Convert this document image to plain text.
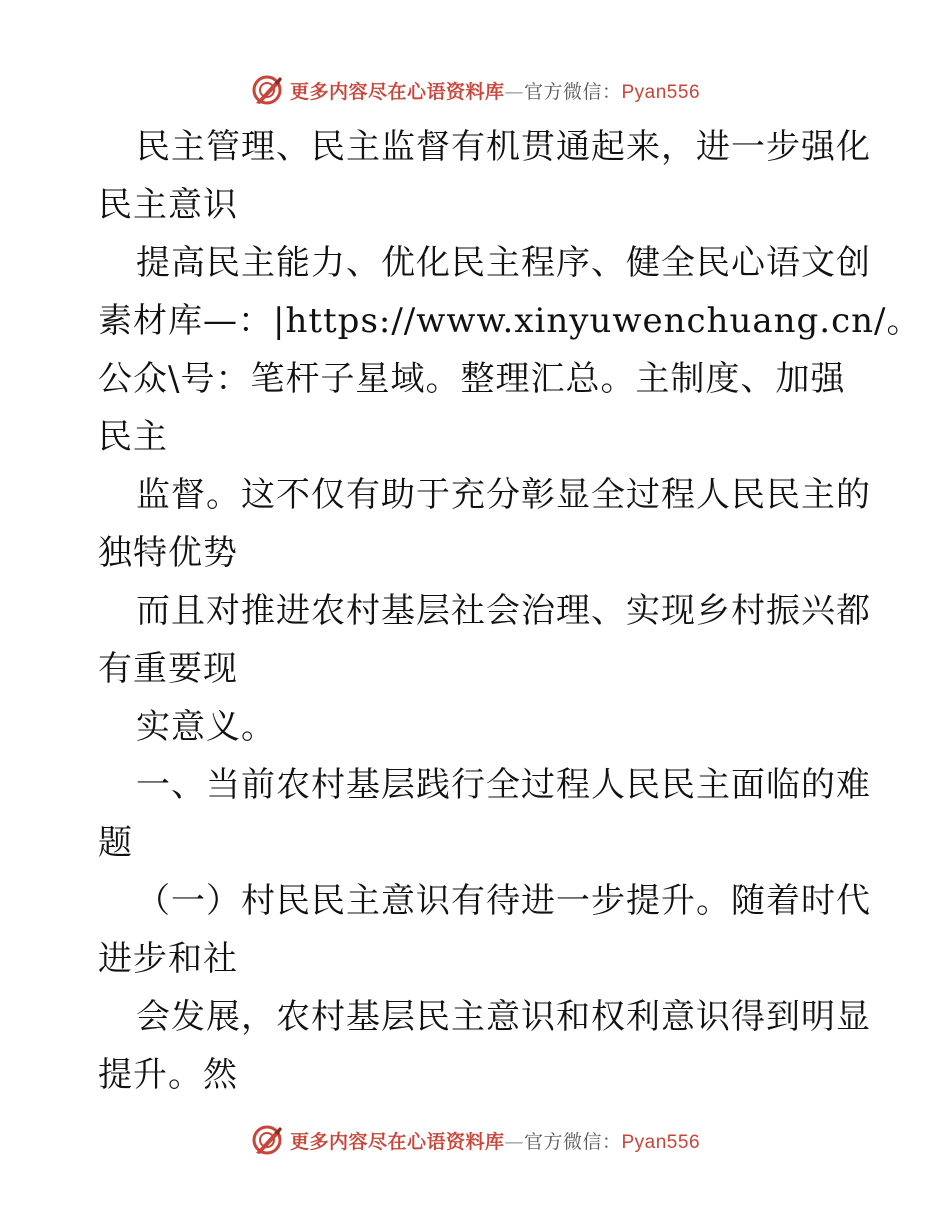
更多内容尽在心语资料库—官方微信：Pyan556

民主管理、民主监督有机贯通起来，进一步强化
民主意识

提高民主能力、优化民主程序、健全民心语文创
素材库—：|https://www.xinyuwenchuang.cn/。
公众\号：笔杆子星域。整理汇总。主制度、加强
民主

监督。这不仅有助于充分彰显全过程人民民主的
独特优势

而且对推进农村基层社会治理、实现乡村振兴都
有重要现

实意义。

一、当前农村基层践行全过程人民民主面临的难
题

（一）村民民主意识有待进一步提升。随着时代
进步和社

会发展，农村基层民主意识和权利意识得到明显
提升。然

更多内容尽在心语资料库—官方微信：Pyan556
